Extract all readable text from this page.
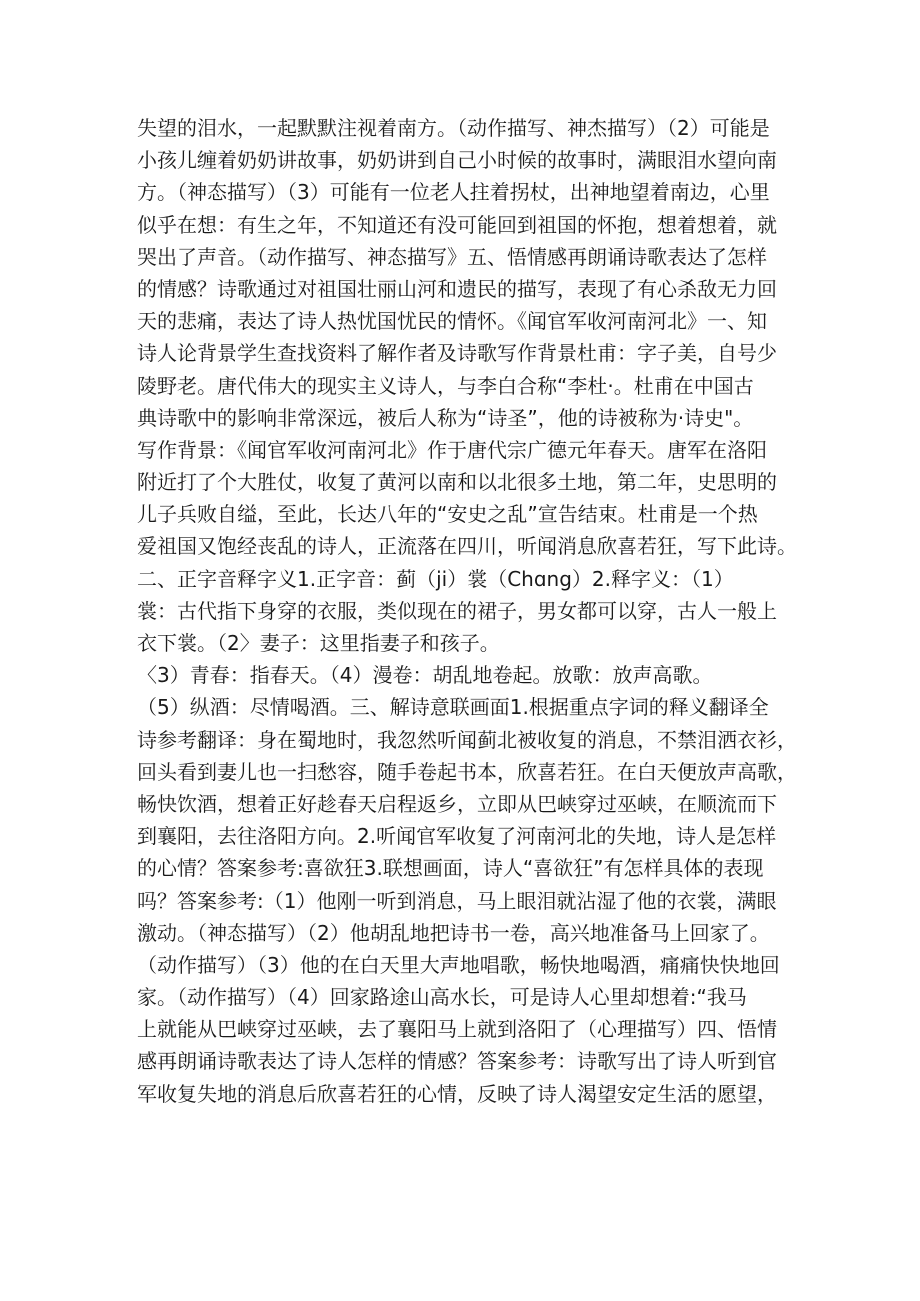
失望的泪水，一起默默注视着南方。（动作描写、神杰描写）（2）可能是
小孩儿缠着奶奶讲故事，奶奶讲到自己小时候的故事时，满眼泪水望向南
方。（神态描写）（3）可能有一位老人拄着拐杖，出神地望着南边，心里
似乎在想：有生之年，不知道还有没可能回到祖国的怀抱，想着想着，就
哭出了声音。（动作描写、神态描写》五、悟情感再朗诵诗歌表达了怎样
的情感？诗歌通过对祖国壮丽山河和遗民的描写，表现了有心杀敌无力回
天的悲痛，表达了诗人热忧国忧民的情怀。《闻官军收河南河北》一、知
诗人论背景学生查找资料了解作者及诗歌写作背景杜甫：字子美，自号少
陵野老。唐代伟大的现实主义诗人，与李白合称“李杜·。杜甫在中国古
典诗歌中的影响非常深远，被后人称为“诗圣”，他的诗被称为·诗史"。
写作背景：《闻官军收河南河北》作于唐代宗广德元年春天。唐军在洛阳
附近打了个大胜仗，收复了黄河以南和以北很多土地，第二年，史思明的
儿子兵败自缢，至此，长达八年的“安史之乱”宣告结束。杜甫是一个热
爱祖国又饱经丧乱的诗人，正流落在四川，听闻消息欣喜若狂，写下此诗。
二、正字音释字义1.正字音：蓟（ji）裳（Chɑng）2.释字义：（1）
裳：古代指下身穿的衣服，类似现在的裙子，男女都可以穿，古人一般上
衣下裳。（2〉妻子：这里指妻子和孩子。
〈3）青春：指春天。（4）漫卷：胡乱地卷起。放歌：放声高歌。
（5）纵酒：尽情喝酒。三、解诗意联画面1.根据重点字词的释义翻译全
诗参考翻译：身在蜀地时，我忽然听闻蓟北被收复的消息，不禁泪洒衣衫，
回头看到妻儿也一扫愁容，随手卷起书本，欣喜若狂。在白天便放声高歌，
畅快饮酒，想着正好趁春天启程返乡，立即从巴峡穿过巫峡，在顺流而下
到襄阳，去往洛阳方向。2.听闻官军收复了河南河北的失地，诗人是怎样
的心情？答案参考:喜欲狂3.联想画面，诗人“喜欲狂”有怎样具体的表现
吗？答案参考:（1）他刚一听到消息，马上眼泪就沾湿了他的衣裳，满眼
激动。（神态描写）（2）他胡乱地把诗书一卷，高兴地准备马上回家了。
（动作描写）（3）他的在白天里大声地唱歌，畅快地喝酒，痛痛快快地回
家。（动作描写）（4）回家路途山高水长，可是诗人心里却想着:“我马
上就能从巴峡穿过巫峡，去了襄阳马上就到洛阳了（心理描写）四、悟情
感再朗诵诗歌表达了诗人怎样的情感？答案参考：诗歌写出了诗人听到官
军收复失地的消息后欣喜若狂的心情，反映了诗人渴望安定生活的愿望，
